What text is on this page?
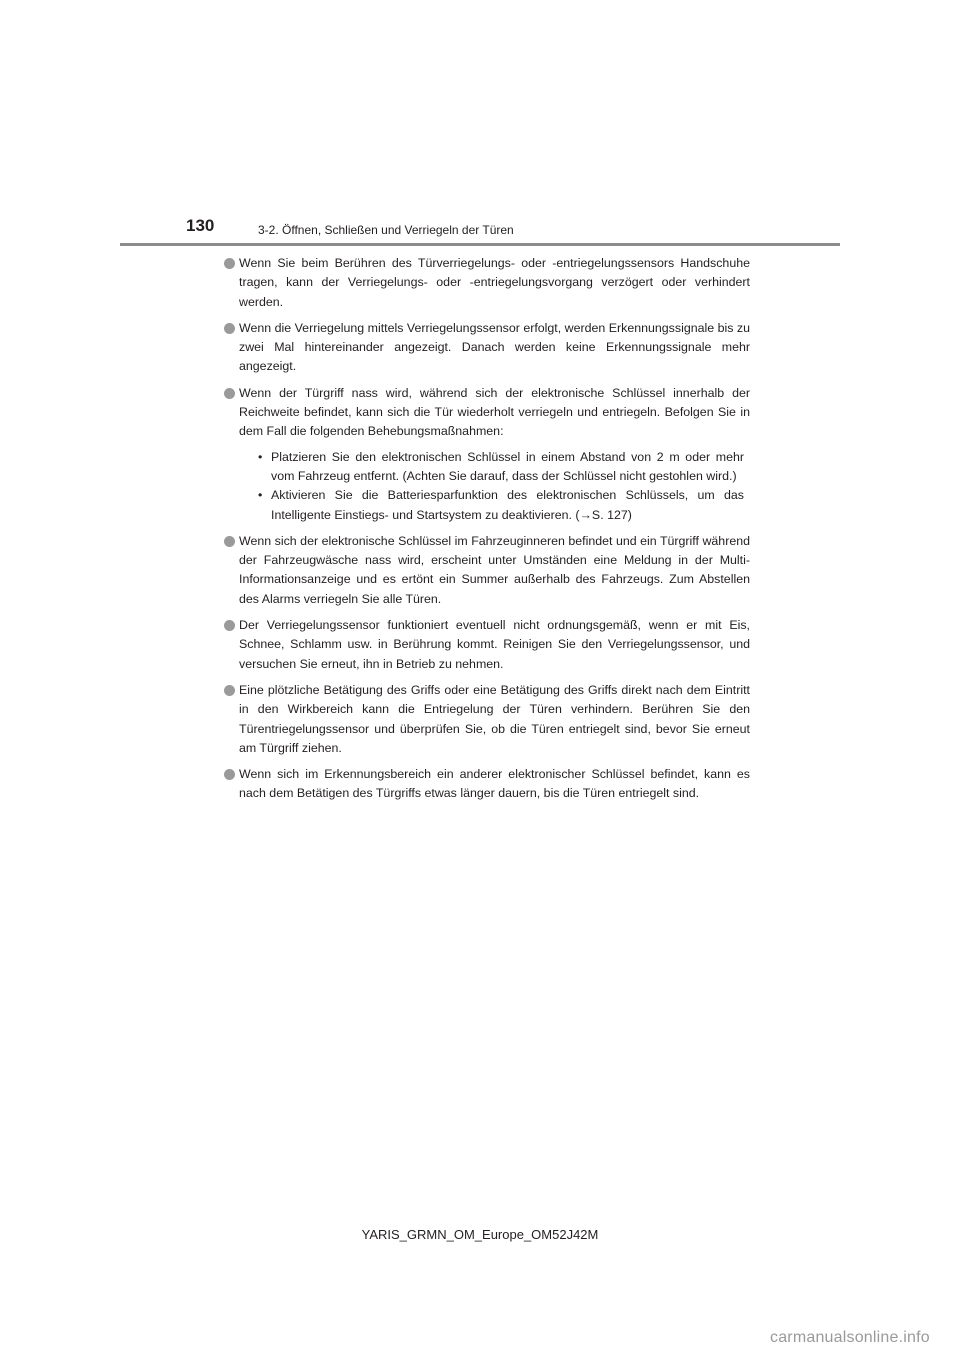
130	3-2. Öffnen, Schließen und Verriegeln der Türen
Wenn Sie beim Berühren des Türverriegelungs- oder -entriegelungssensors Handschuhe tragen, kann der Verriegelungs- oder -entriegelungsvorgang verzögert oder verhindert werden.
Wenn die Verriegelung mittels Verriegelungssensor erfolgt, werden Erkennungssignale bis zu zwei Mal hintereinander angezeigt. Danach werden keine Erkennungssignale mehr angezeigt.
Wenn der Türgriff nass wird, während sich der elektronische Schlüssel innerhalb der Reichweite befindet, kann sich die Tür wiederholt verriegeln und entriegeln. Befolgen Sie in dem Fall die folgenden Behebungsmaßnahmen:
• Platzieren Sie den elektronischen Schlüssel in einem Abstand von 2 m oder mehr vom Fahrzeug entfernt. (Achten Sie darauf, dass der Schlüssel nicht gestohlen wird.)
• Aktivieren Sie die Batteriesparfunktion des elektronischen Schlüssels, um das Intelligente Einstiegs- und Startsystem zu deaktivieren. (→S. 127)
Wenn sich der elektronische Schlüssel im Fahrzeuginneren befindet und ein Türgriff während der Fahrzeugwäsche nass wird, erscheint unter Umständen eine Meldung in der Multi-Informationsanzeige und es ertönt ein Summer außerhalb des Fahrzeugs. Zum Abstellen des Alarms verriegeln Sie alle Türen.
Der Verriegelungssensor funktioniert eventuell nicht ordnungsgemäß, wenn er mit Eis, Schnee, Schlamm usw. in Berührung kommt. Reinigen Sie den Verriegelungssensor, und versuchen Sie erneut, ihn in Betrieb zu nehmen.
Eine plötzliche Betätigung des Griffs oder eine Betätigung des Griffs direkt nach dem Eintritt in den Wirkbereich kann die Entriegelung der Türen verhindern. Berühren Sie den Türentriegelungssensor und überprüfen Sie, ob die Türen entriegelt sind, bevor Sie erneut am Türgriff ziehen.
Wenn sich im Erkennungsbereich ein anderer elektronischer Schlüssel befindet, kann es nach dem Betätigen des Türgriffs etwas länger dauern, bis die Türen entriegelt sind.
YARIS_GRMN_OM_Europe_OM52J42M
carmanualsonline.info
